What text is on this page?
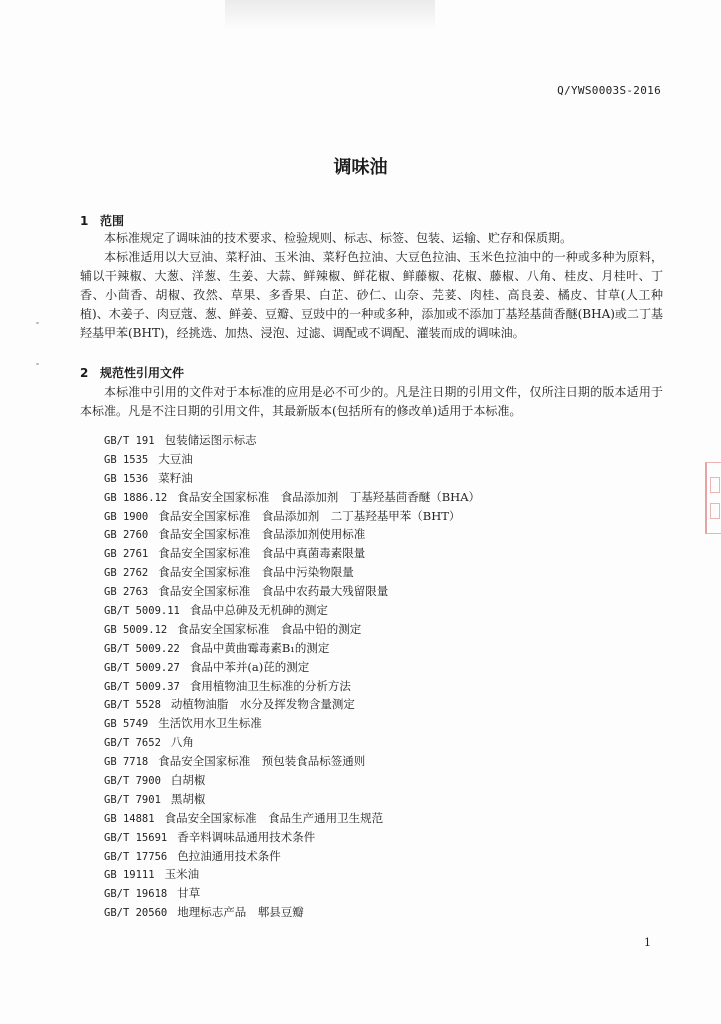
Q/YWS0003S-2016
调味油
1 范围

本标准规定了调味油的技术要求、检验规则、标志、标签、包装、运输、贮存和保质期。

本标准适用以大豆油、菜籽油、玉米油、菜籽色拉油、大豆色拉油、玉米色拉油中的一种或多种为原料，辅以干辣椒、大葱、洋葱、生姜、大蒜、鲜辣椒、鲜花椒、鲜藤椒、花椒、藤椒、八角、桂皮、月桂叶、丁香、小茴香、胡椒、孜然、草果、多香果、白芷、砂仁、山奈、芫荽、肉桂、高良姜、橘皮、甘草(人工种植)、木姜子、肉豆蔻、葱、鲜姜、豆瓣、豆豉中的一种或多种，添加或不添加丁基羟基茴香醚(BHA)或二丁基羟基甲苯(BHT)，经挑选、加热、浸泡、过滤、调配或不调配、灌装而成的调味油。

2 规范性引用文件

本标准中引用的文件对于本标准的应用是必不可少的。凡是注日期的引用文件，仅所注日期的版本适用于本标准。凡是不注日期的引用文件，其最新版本(包括所有的修改单)适用于本标准。

GB/T 191 包装储运图示标志
GB 1535 大豆油
GB 1536 菜籽油
GB 1886.12 食品安全国家标准　食品添加剂　丁基羟基茴香醚（BHA）
GB 1900 食品安全国家标准　食品添加剂　二丁基羟基甲苯（BHT）
GB 2760 食品安全国家标准　食品添加剂使用标准
GB 2761 食品安全国家标准　食品中真菌毒素限量
GB 2762 食品安全国家标准　食品中污染物限量
GB 2763 食品安全国家标准　食品中农药最大残留限量
GB/T 5009.11 食品中总砷及无机砷的测定
GB 5009.12 食品安全国家标准　食品中铅的测定
GB/T 5009.22 食品中黄曲霉毒素B₁的测定
GB/T 5009.27 食品中苯并(a)芘的测定
GB/T 5009.37 食用植物油卫生标准的分析方法
GB/T 5528 动植物油脂　水分及挥发物含量测定
GB 5749 生活饮用水卫生标准
GB/T 7652 八角
GB 7718 食品安全国家标准　预包装食品标签通则
GB/T 7900 白胡椒
GB/T 7901 黑胡椒
GB 14881 食品安全国家标准　食品生产通用卫生规范
GB/T 15691 香辛料调味品通用技术条件
GB/T 17756 色拉油通用技术条件
GB 19111 玉米油
GB/T 19618 甘草
GB/T 20560 地理标志产品　郫县豆瓣
1
